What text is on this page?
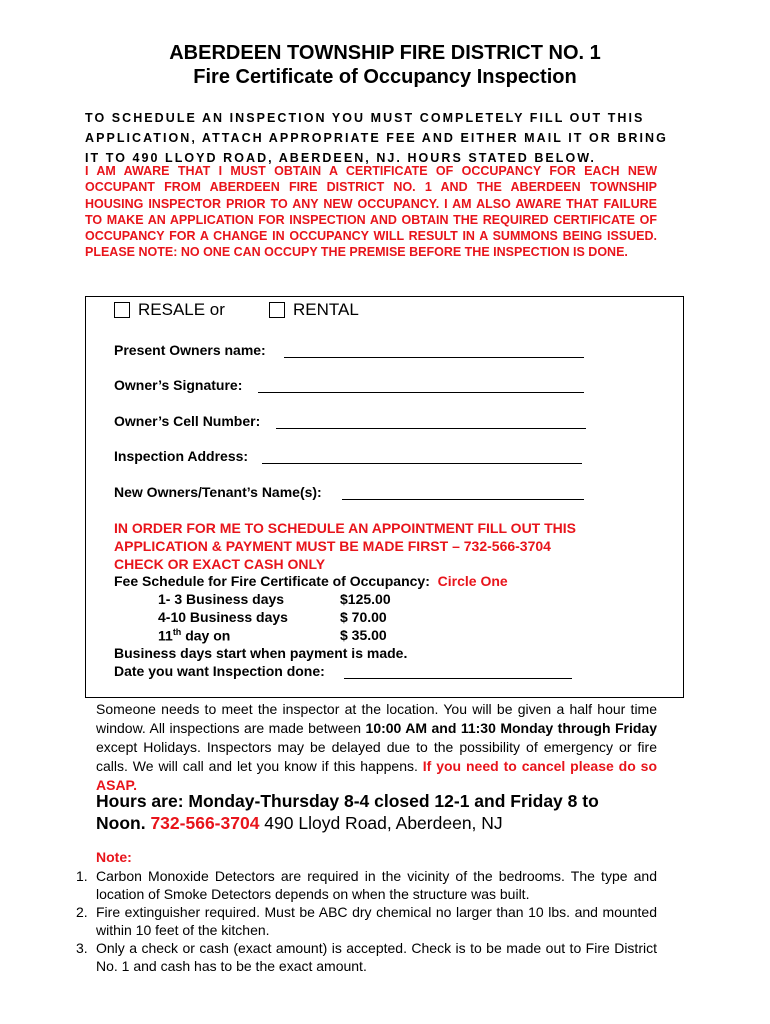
ABERDEEN TOWNSHIP FIRE DISTRICT NO. 1
Fire Certificate of Occupancy Inspection
TO SCHEDULE AN INSPECTION YOU MUST COMPLETELY FILL OUT THIS
APPLICATION, ATTACH APPROPRIATE FEE AND EITHER MAIL IT OR BRING
IT TO 490 LLOYD ROAD, ABERDEEN, NJ. HOURS STATED BELOW.
I AM AWARE THAT I MUST OBTAIN A CERTIFICATE OF OCCUPANCY FOR EACH NEW OCCUPANT FROM ABERDEEN FIRE DISTRICT NO. 1 AND THE ABERDEEN TOWNSHIP HOUSING INSPECTOR PRIOR TO ANY NEW OCCUPANCY. I AM ALSO AWARE THAT FAILURE TO MAKE AN APPLICATION FOR INSPECTION AND OBTAIN THE REQUIRED CERTIFICATE OF OCCUPANCY FOR A CHANGE IN OCCUPANCY WILL RESULT IN A SUMMONS BEING ISSUED. PLEASE NOTE: NO ONE CAN OCCUPY THE PREMISE BEFORE THE INSPECTION IS DONE.
RESALE or	RENTAL
Present Owners name:
Owner’s Signature:
Owner’s Cell Number:
Inspection Address:
New Owners/Tenant’s Name(s):
IN ORDER FOR ME TO SCHEDULE AN APPOINTMENT FILL OUT THIS
APPLICATION & PAYMENT MUST BE MADE FIRST – 732-566-3704
CHECK OR EXACT CASH ONLY
Fee Schedule for Fire Certificate of Occupancy: Circle One
1- 3 Business days	$125.00
4-10 Business days	$ 70.00
11th day on	$ 35.00
Business days start when payment is made.
Date you want Inspection done:
Someone needs to meet the inspector at the location. You will be given a half hour time window. All inspections are made between 10:00 AM and 11:30 Monday through Friday except Holidays. Inspectors may be delayed due to the possibility of emergency or fire calls. We will call and let you know if this happens. If you need to cancel please do so ASAP.
Hours are: Monday-Thursday 8-4 closed 12-1 and Friday 8 to
Noon. 732-566-3704 490 Lloyd Road, Aberdeen, NJ
Note:
1. Carbon Monoxide Detectors are required in the vicinity of the bedrooms. The type and location of Smoke Detectors depends on when the structure was built.
2. Fire extinguisher required. Must be ABC dry chemical no larger than 10 lbs. and mounted within 10 feet of the kitchen.
3. Only a check or cash (exact amount) is accepted. Check is to be made out to Fire District No. 1 and cash has to be the exact amount.
